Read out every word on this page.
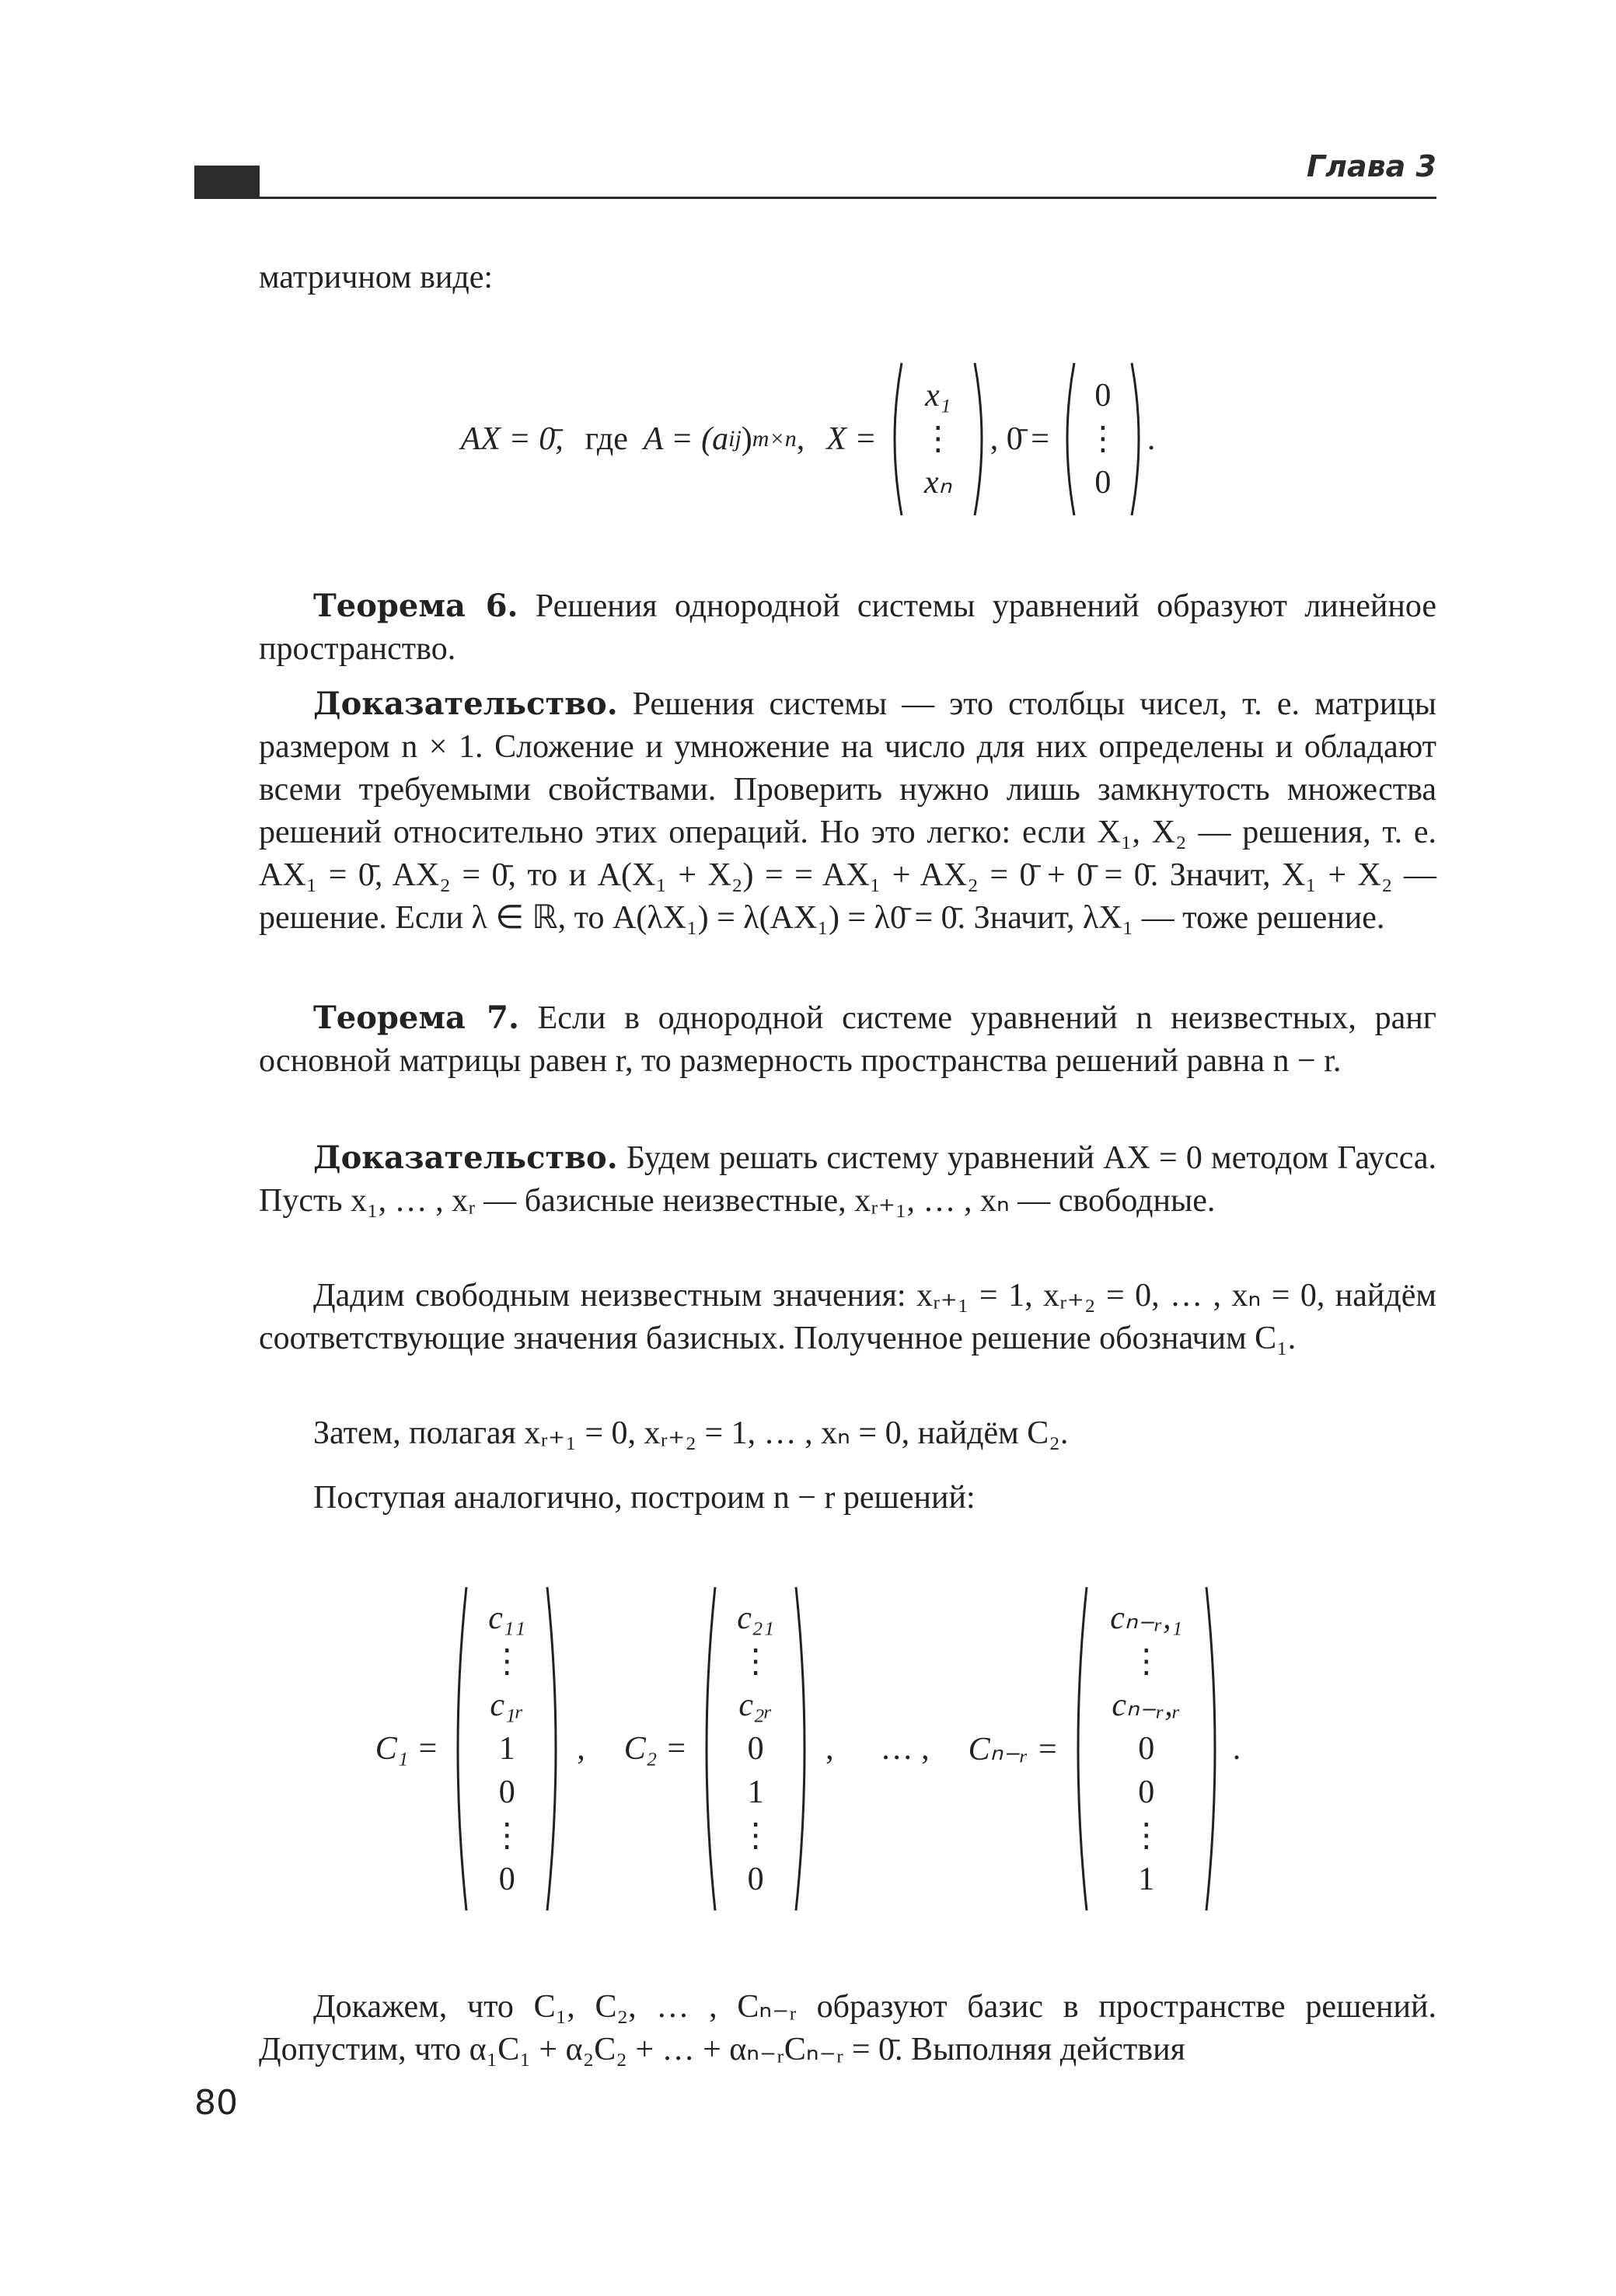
Глава 3
матричном виде:
AX = 0̄, где A = (a ij ) m×n , X =
x₁
⋮
xₙ
, 0̄ =
0
⋮
0
.
Теорема 6. Решения однородной системы уравнений образуют линейное пространство.
Доказательство. Решения системы — это столбцы чисел, т. е. матрицы размером n × 1. Сложение и умножение на число для них определены и обладают всеми требуемыми свойствами. Проверить нужно лишь замкнутость множества решений относительно этих операций. Но это легко: если X₁, X₂ — решения, т. е. AX₁ = 0̄, AX₂ = 0̄, то и A(X₁ + X₂) = = AX₁ + AX₂ = 0̄ + 0̄ = 0̄. Значит, X₁ + X₂ — решение. Если λ ∈ ℝ, то A(λX₁) = λ(AX₁) = λ0̄ = 0̄. Значит, λX₁ — тоже решение.
Теорема 7. Если в однородной системе уравнений n неизвестных, ранг основной матрицы равен r, то размерность пространства решений равна n − r.
Доказательство. Будем решать систему уравнений AX = 0 методом Гаусса. Пусть x₁, … , xᵣ — базисные неизвестные, xᵣ₊₁, … , xₙ — свободные.
Дадим свободным неизвестным значения: xᵣ₊₁ = 1, xᵣ₊₂ = 0, … , xₙ = 0, найдём соответствующие значения базисных. Полученное решение обозначим C₁.
Затем, полагая xᵣ₊₁ = 0, xᵣ₊₂ = 1, … , xₙ = 0, найдём C₂.
Поступая аналогично, построим n − r решений:
C₁ =
c₁₁
⋮
c₁ᵣ
1
0
⋮
0
, C₂ =
c₂₁
⋮
c₂ᵣ
0
1
⋮
0
, … , Cₙ₋ᵣ =
cₙ₋ᵣ,₁
⋮
cₙ₋ᵣ,ᵣ
0
0
⋮
1
.
Докажем, что C₁, C₂, … , Cₙ₋ᵣ образуют базис в пространстве решений. Допустим, что α₁C₁ + α₂C₂ + … + αₙ₋ᵣCₙ₋ᵣ = 0̄. Выполняя действия
80
